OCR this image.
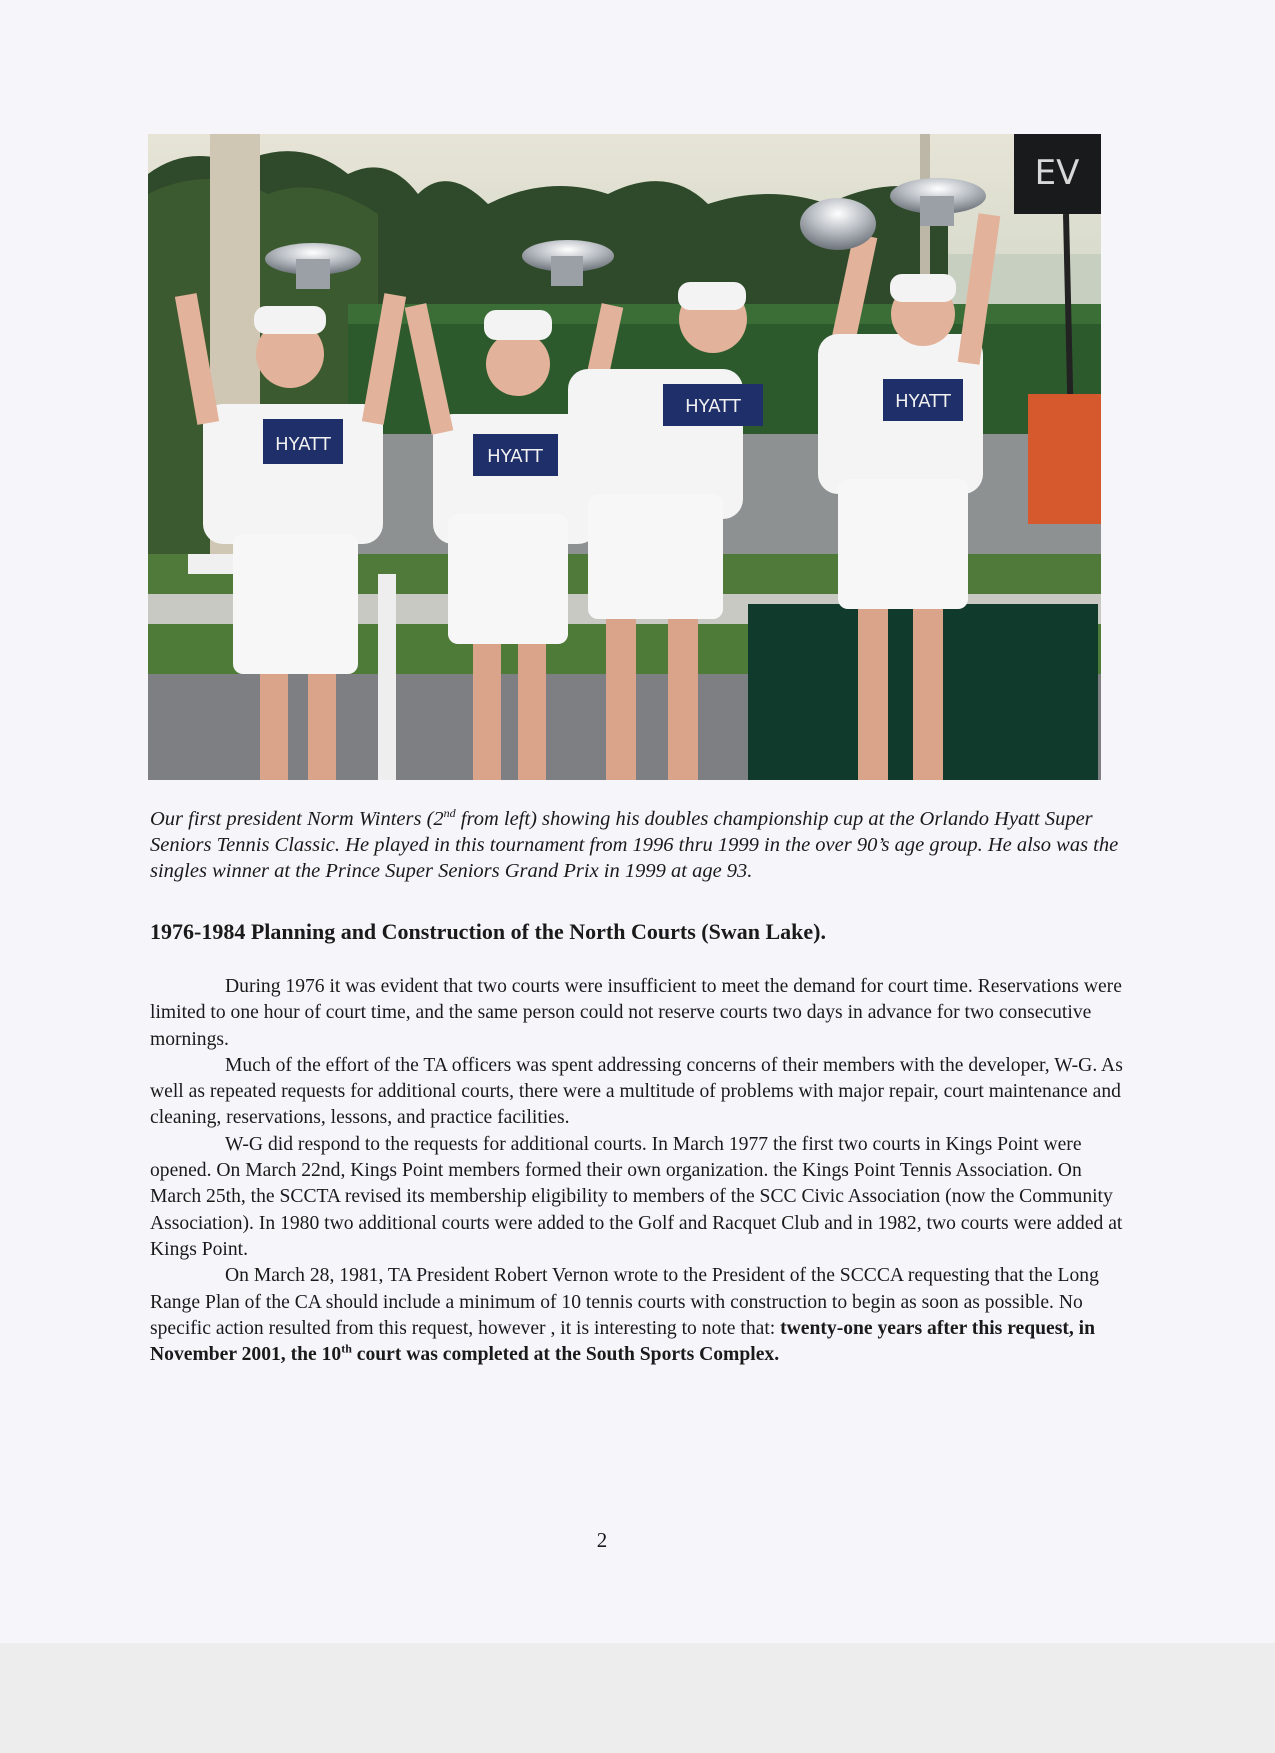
EV
HYATT
HYATT
HYATT	HYATT
Our first president Norm Winters (2nd from left) showing his doubles championship cup at the Orlando Hyatt Super Seniors Tennis Classic. He played in this tournament from 1996 thru 1999 in the over 90’s age group. He also was the singles winner at the Prince Super Seniors Grand Prix in 1999 at age 93.
1976-1984 Planning and Construction of the North Courts (Swan Lake).

During 1976 it was evident that two courts were insufficient to meet the demand for court time. Reservations were limited to one hour of court time, and the same person could not reserve courts two days in advance for two consecutive mornings.

Much of the effort of the TA officers was spent addressing concerns of their members with the developer, W-G. As well as repeated requests for additional courts, there were a multitude of problems with major repair, court maintenance and cleaning, reservations, lessons, and practice facilities.

W-G did respond to the requests for additional courts. In March 1977 the first two courts in Kings Point were opened. On March 22nd, Kings Point members formed their own organization. the Kings Point Tennis Association. On March 25th, the SCCTA revised its membership eligibility to members of the SCC Civic Association (now the Community Association). In 1980 two additional courts were added to the Golf and Racquet Club and in 1982, two courts were added at Kings Point.

On March 28, 1981, TA President Robert Vernon wrote to the President of the SCCCA requesting that the Long Range Plan of the CA should include a minimum of 10 tennis courts with construction to begin as soon as possible. No specific action resulted from this request, however , it is interesting to note that: twenty-one years after this request, in November 2001, the 10th court was completed at the South Sports Complex.

2
